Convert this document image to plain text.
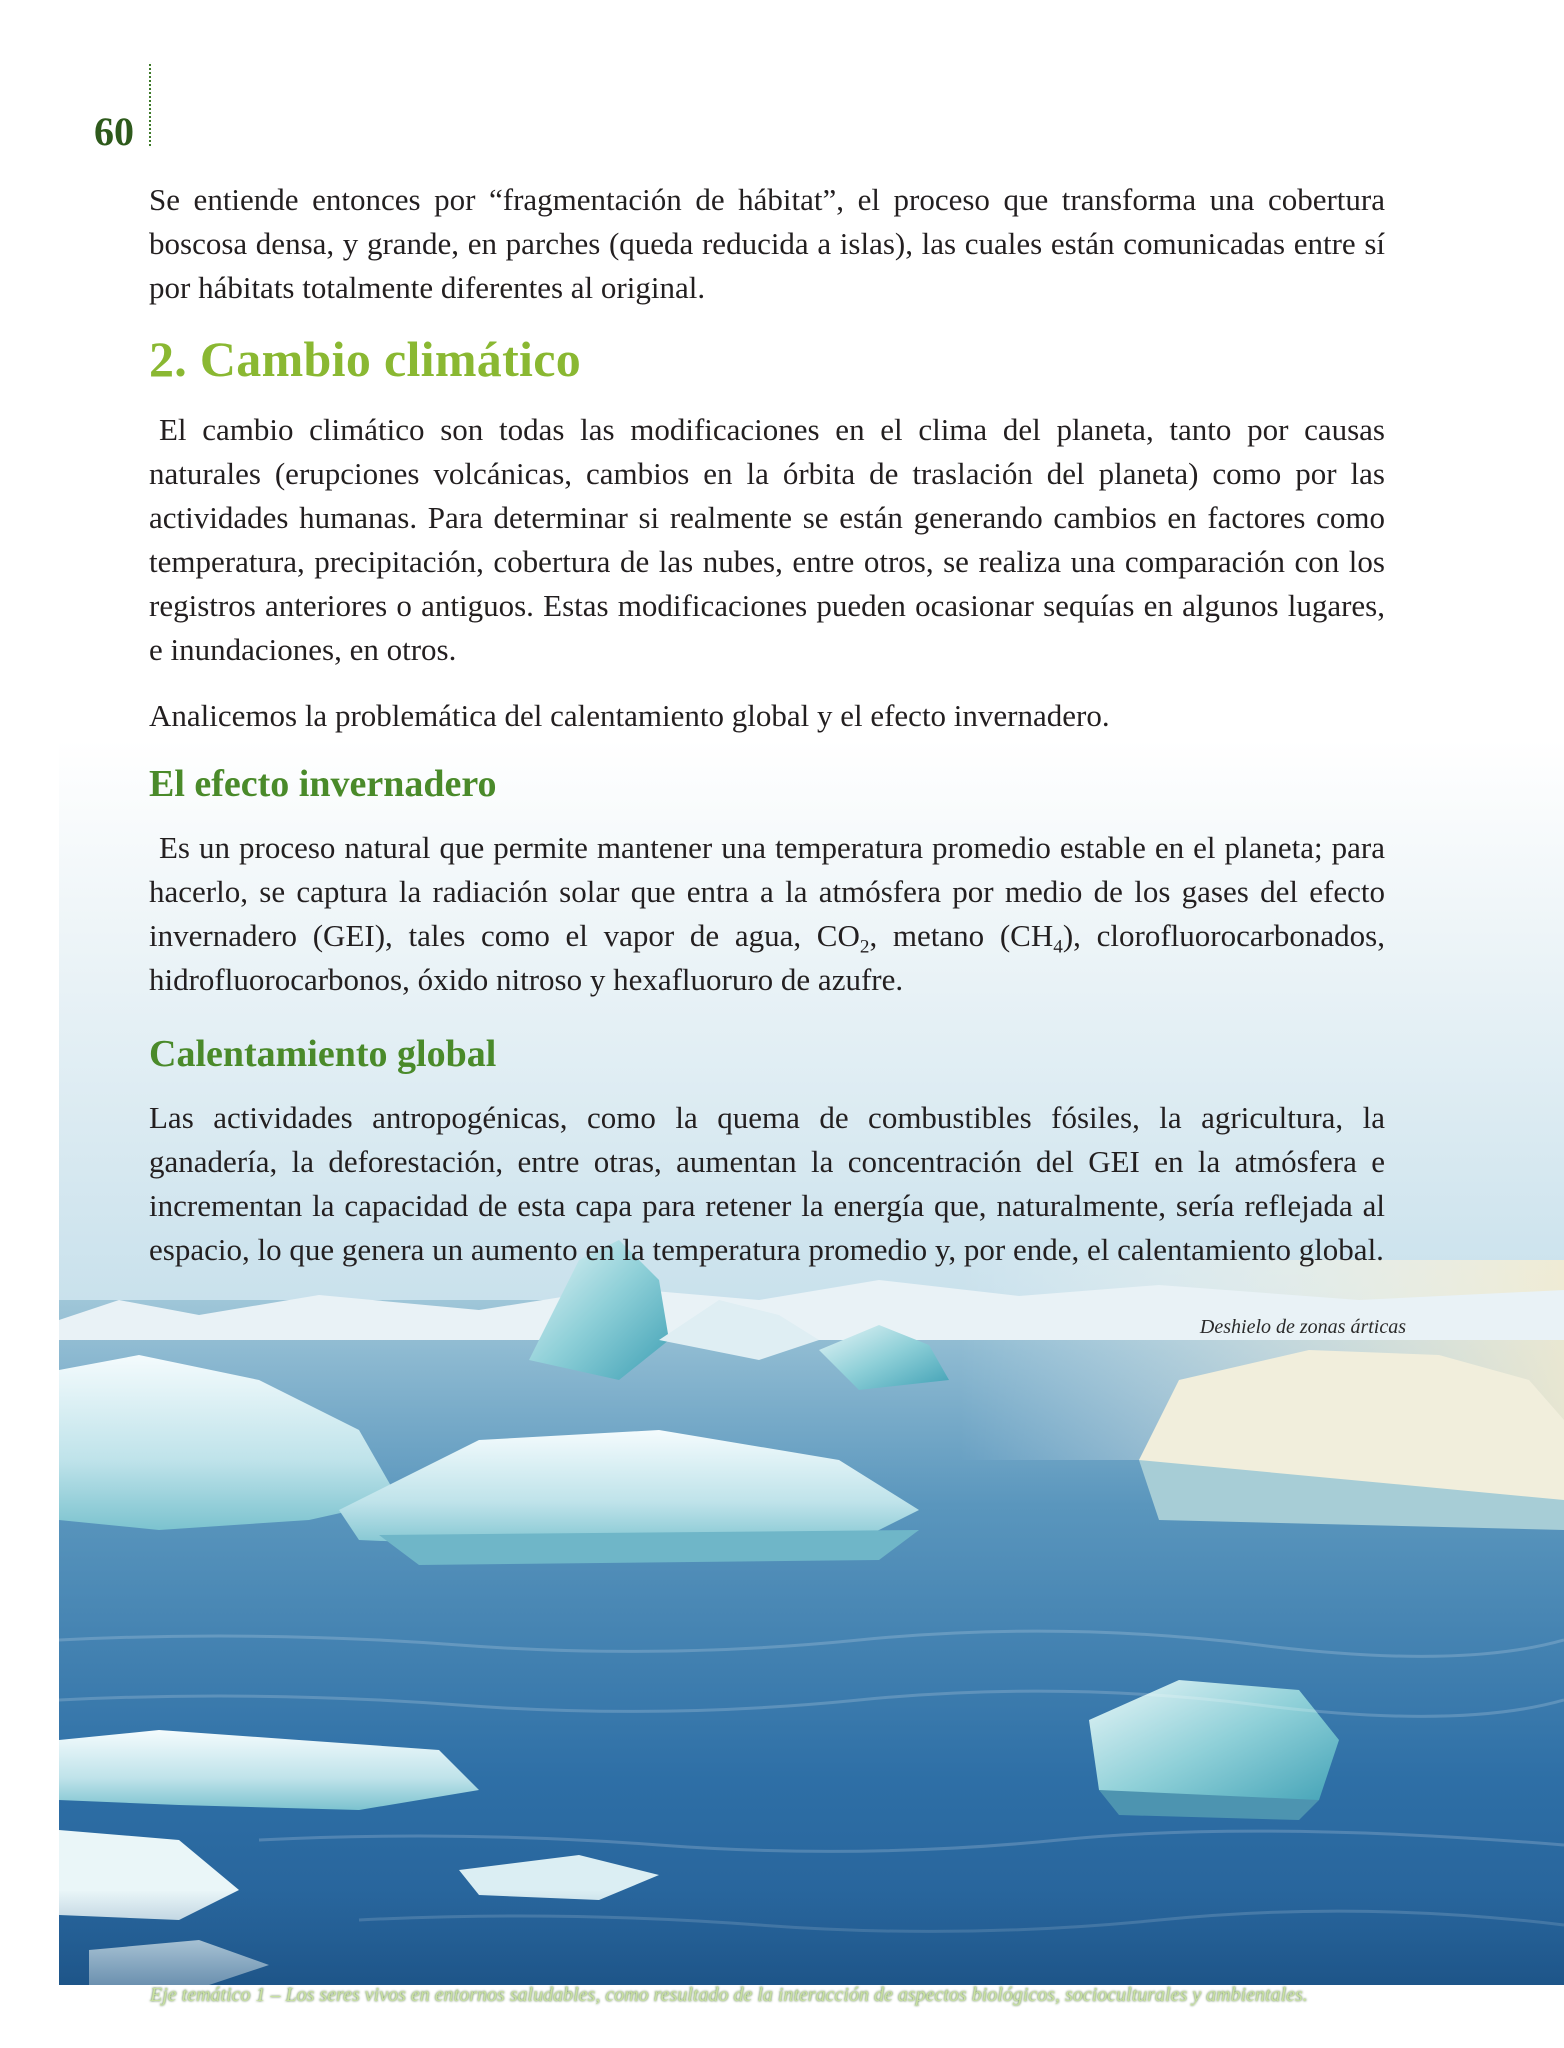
60

Se entiende entonces por “fragmentación de hábitat”, el proceso que transforma una cobertura boscosa densa, y grande, en parches (queda reducida a islas), las cuales están comunicadas entre sí por hábitats totalmente diferentes al original.

2. Cambio climático

El cambio climático son todas las modificaciones en el clima del planeta, tanto por causas naturales (erupciones volcánicas, cambios en la órbita de traslación del planeta) como por las actividades humanas. Para determinar si realmente se están generando cambios en factores como temperatura, precipitación, cobertura de las nubes, entre otros, se realiza una comparación con los registros anteriores o antiguos. Estas modificaciones pueden ocasionar sequías en algunos lugares, e inundaciones, en otros.

Analicemos la problemática del calentamiento global y el efecto invernadero.

El efecto invernadero

Es un proceso natural que permite mantener una temperatura promedio estable en el planeta; para hacerlo, se captura la radiación solar que entra a la atmósfera por medio de los gases del efecto invernadero (GEI), tales como el vapor de agua, $CO_2$, metano $(CH_4)$, clorofluorocarbonados, hidrofluorocarbonos, óxido nitroso y hexafluoruro de azufre.

Calentamiento global

Las actividades antropogénicas, como la quema de combustibles fósiles, la agricultura, la ganadería, la deforestación, entre otras, aumentan la concentración del GEI en la atmósfera e incrementan la capacidad de esta capa para retener la energía que, naturalmente, sería reflejada al espacio, lo que genera un aumento en la temperatura promedio y, por ende, el calentamiento global.

Deshielo de zonas árticas
Eje temático 1 – Los seres vivos en entornos saludables, como resultado de la interacción de aspectos biológicos, socioculturales y ambientales.
